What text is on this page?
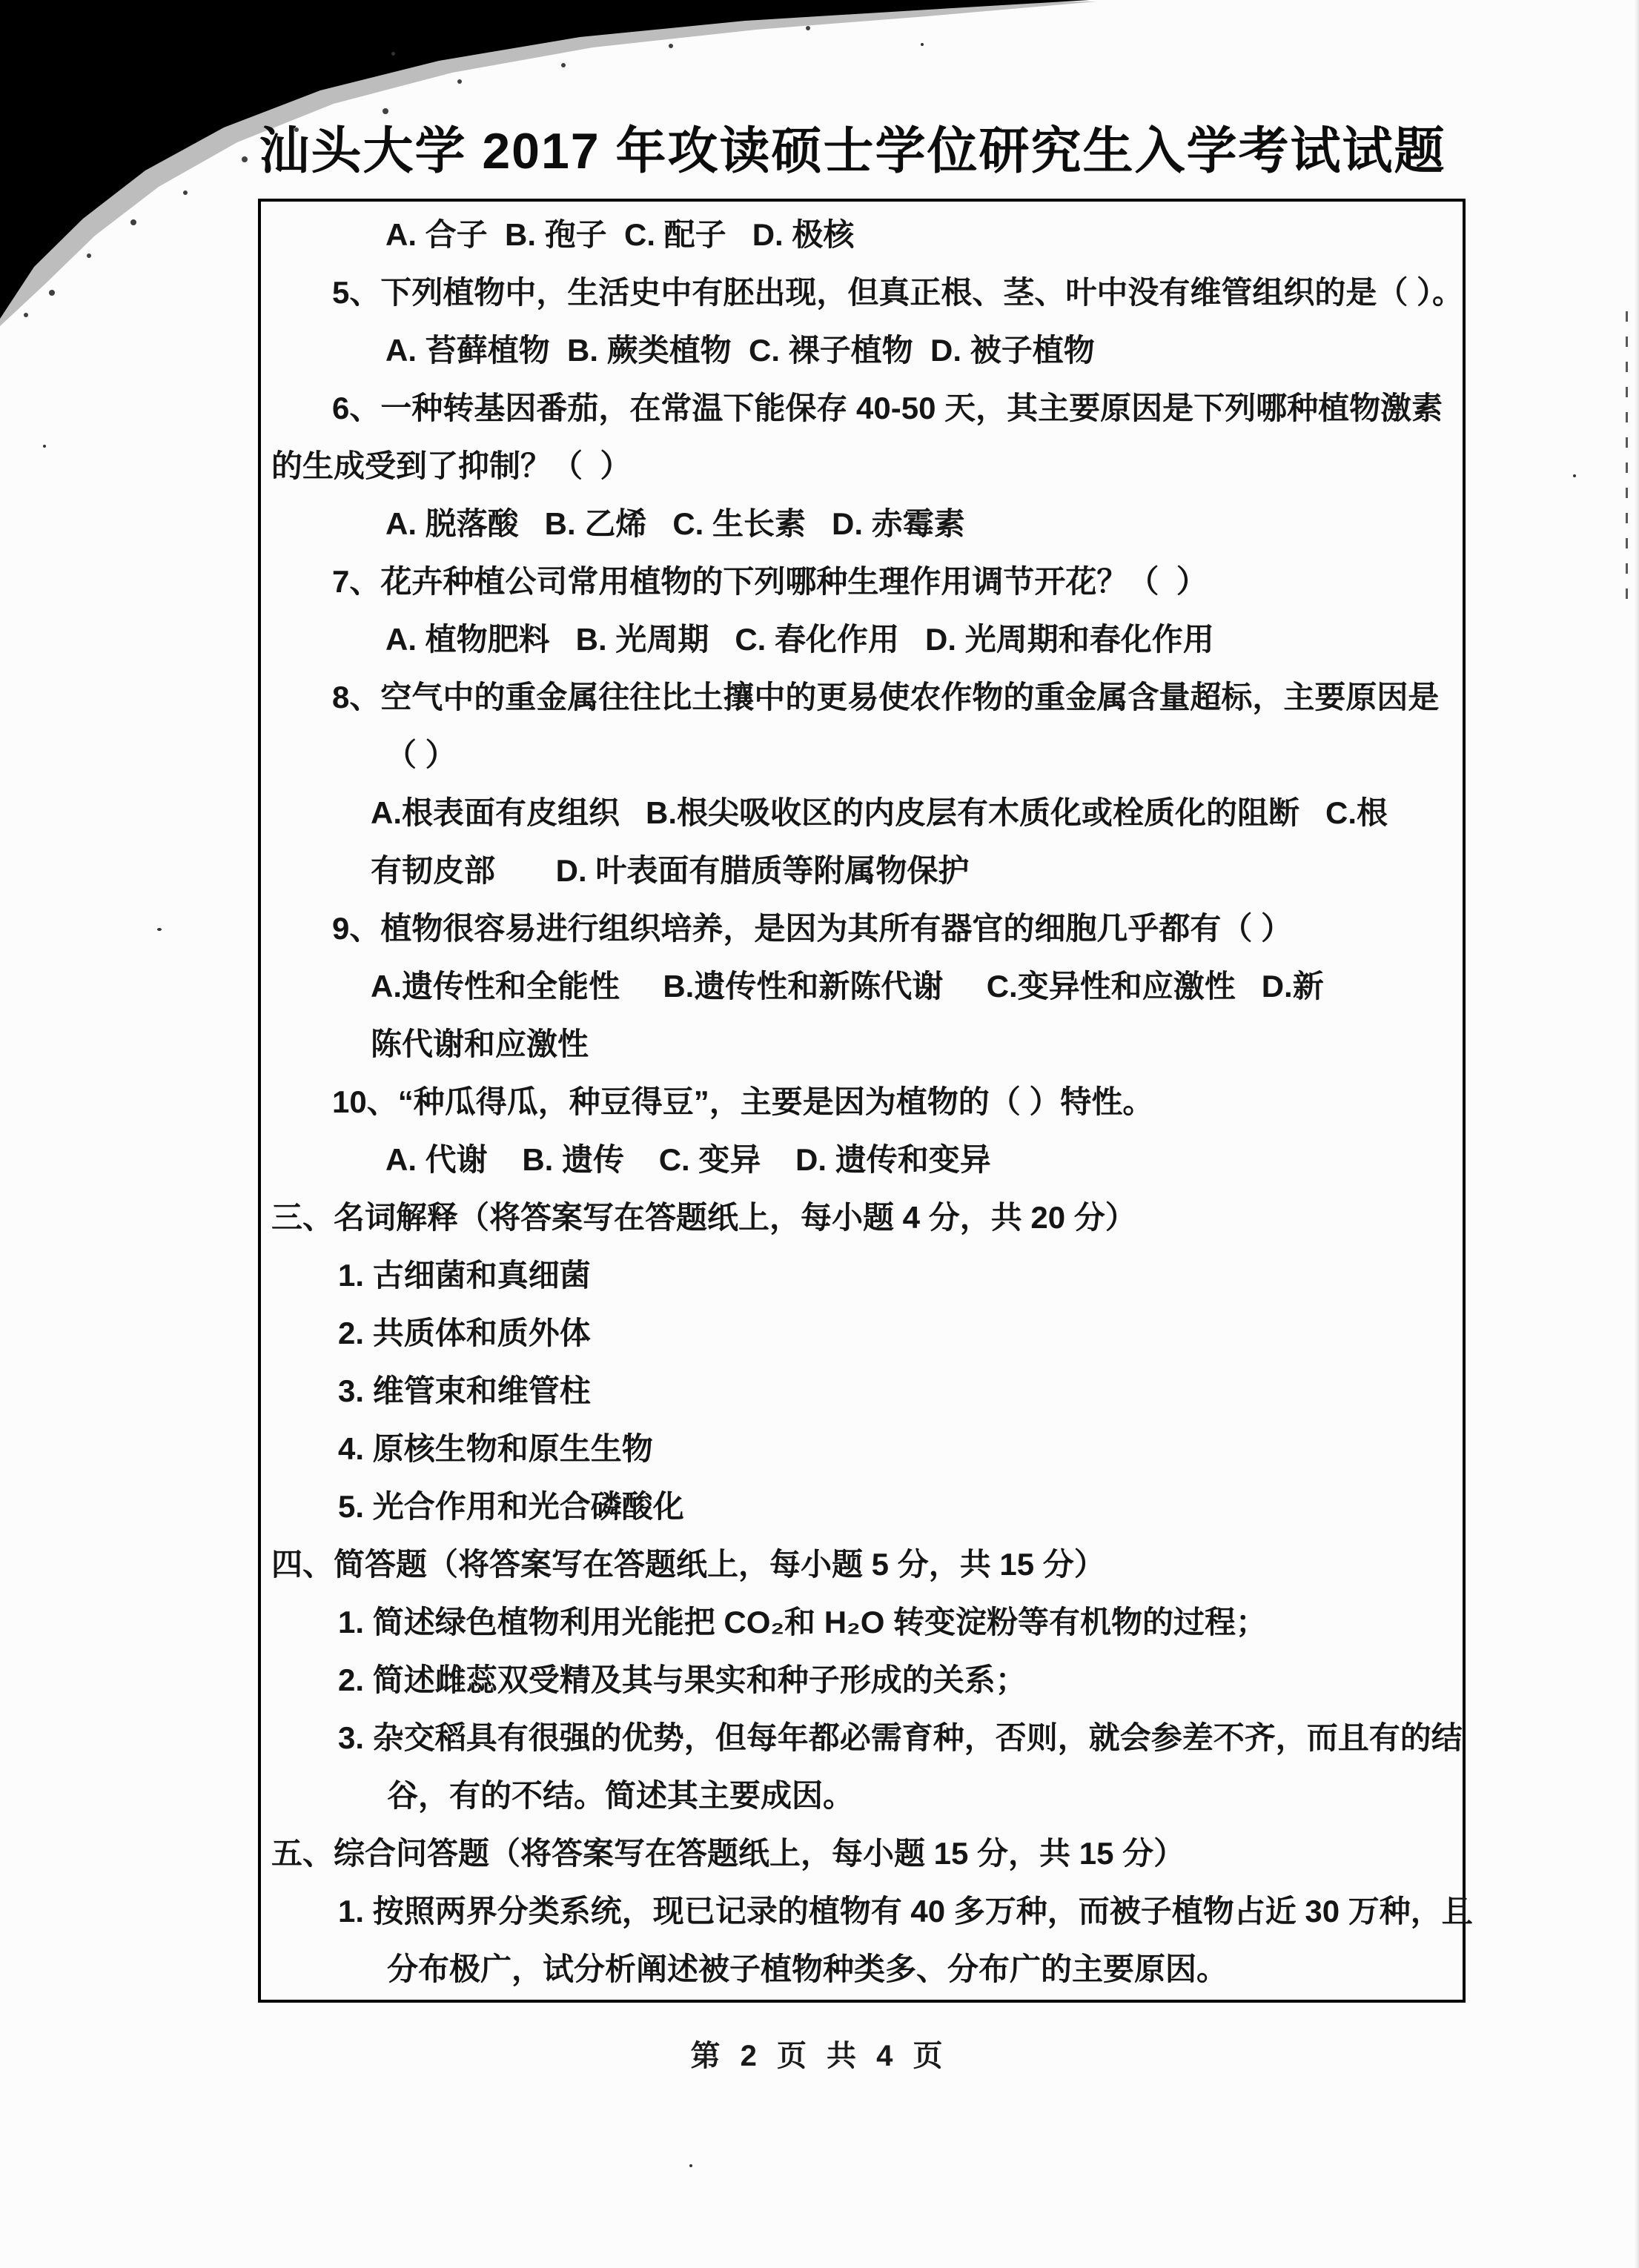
汕头大学 2017 年攻读硕士学位研究生入学考试试题
A. 合子  B. 孢子  C. 配子   D. 极核
5、下列植物中，生活史中有胚出现，但真正根、茎、叶中没有维管组织的是（ ）。
A. 苔藓植物  B. 蕨类植物  C. 裸子植物  D. 被子植物
6、一种转基因番茄，在常温下能保存 40-50 天，其主要原因是下列哪种植物激素
的生成受到了抑制？（  ）
A. 脱落酸   B. 乙烯   C. 生长素   D. 赤霉素
7、花卉种植公司常用植物的下列哪种生理作用调节开花？（  ）
A. 植物肥料   B. 光周期   C. 春化作用   D. 光周期和春化作用
8、空气中的重金属往往比土攘中的更易使农作物的重金属含量超标，主要原因是
（ ）
A.根表面有皮组织   B.根尖吸收区的内皮层有木质化或栓质化的阻断   C.根
有韧皮部       D. 叶表面有腊质等附属物保护
9、植物很容易进行组织培养，是因为其所有器官的细胞几乎都有（ ）
A.遗传性和全能性     B.遗传性和新陈代谢     C.变异性和应激性   D.新
陈代谢和应激性
10、“种瓜得瓜，种豆得豆”，主要是因为植物的（ ）特性。
A. 代谢    B. 遗传    C. 变异    D. 遗传和变异
三、名词解释（将答案写在答题纸上，每小题 4 分，共 20 分）
1. 古细菌和真细菌
2. 共质体和质外体
3. 维管束和维管柱
4. 原核生物和原生生物
5. 光合作用和光合磷酸化
四、简答题（将答案写在答题纸上，每小题 5 分，共 15 分）
1. 简述绿色植物利用光能把 CO₂和 H₂O 转变淀粉等有机物的过程；
2. 简述雌蕊双受精及其与果实和种子形成的关系；
3. 杂交稻具有很强的优势，但每年都必需育种，否则，就会参差不齐，而且有的结
谷，有的不结。简述其主要成因。
五、综合问答题（将答案写在答题纸上，每小题 15 分，共 15 分）
1. 按照两界分类系统，现已记录的植物有 40 多万种，而被子植物占近 30 万种，且
分布极广，试分析阐述被子植物种类多、分布广的主要原因。
第 2 页 共 4 页
